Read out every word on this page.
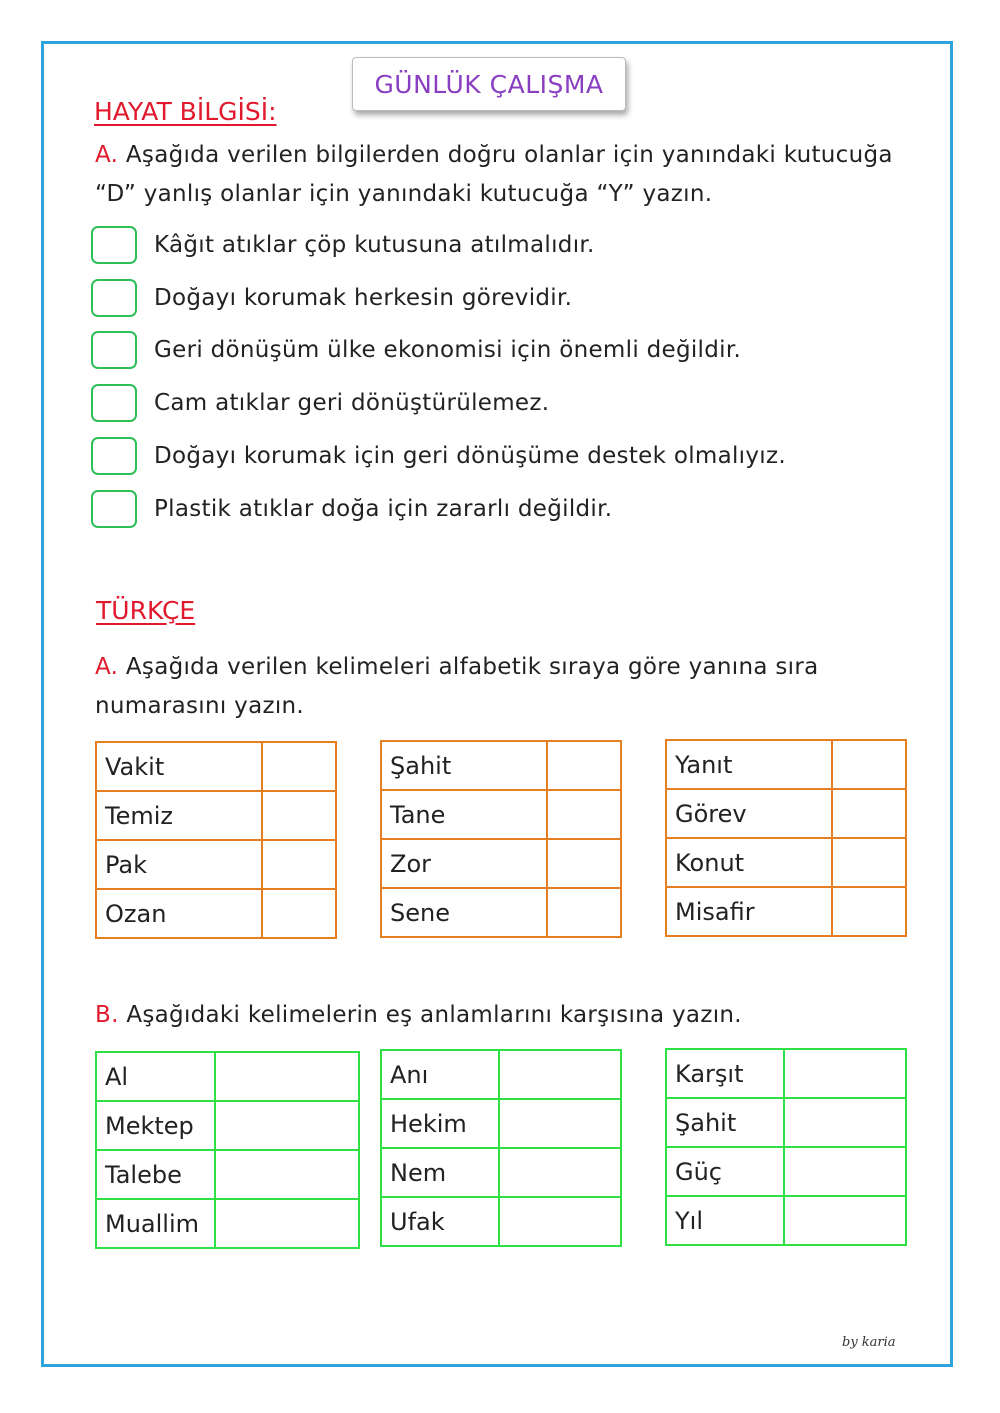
GÜNLÜK ÇALIŞMA
HAYAT BİLGİSİ:
A. Aşağıda verilen bilgilerden doğru olanlar için yanındaki kutucuğa
“D” yanlış olanlar için yanındaki kutucuğa “Y” yazın.
Kâğıt atıklar çöp kutusuna atılmalıdır.
Doğayı korumak herkesin görevidir.
Geri dönüşüm ülke ekonomisi için önemli değildir.
Cam atıklar geri dönüştürülemez.
Doğayı korumak için geri dönüşüme destek olmalıyız.
Plastik atıklar doğa için zararlı değildir.
TÜRKÇE
A. Aşağıda verilen kelimeleri alfabetik sıraya göre yanına sıra
numarasını yazın.
Vakit	
Temiz	
Pak	
Ozan	
Şahit	
Tane	
Zor	
Sene	
Yanıt	
Görev	
Konut	
Misafir	
B. Aşağıdaki kelimelerin eş anlamlarını karşısına yazın.
Al	
Mektep	
Talebe	
Muallim	
Anı	
Hekim	
Nem	
Ufak	
Karşıt	
Şahit	
Güç	
Yıl	
by karia
